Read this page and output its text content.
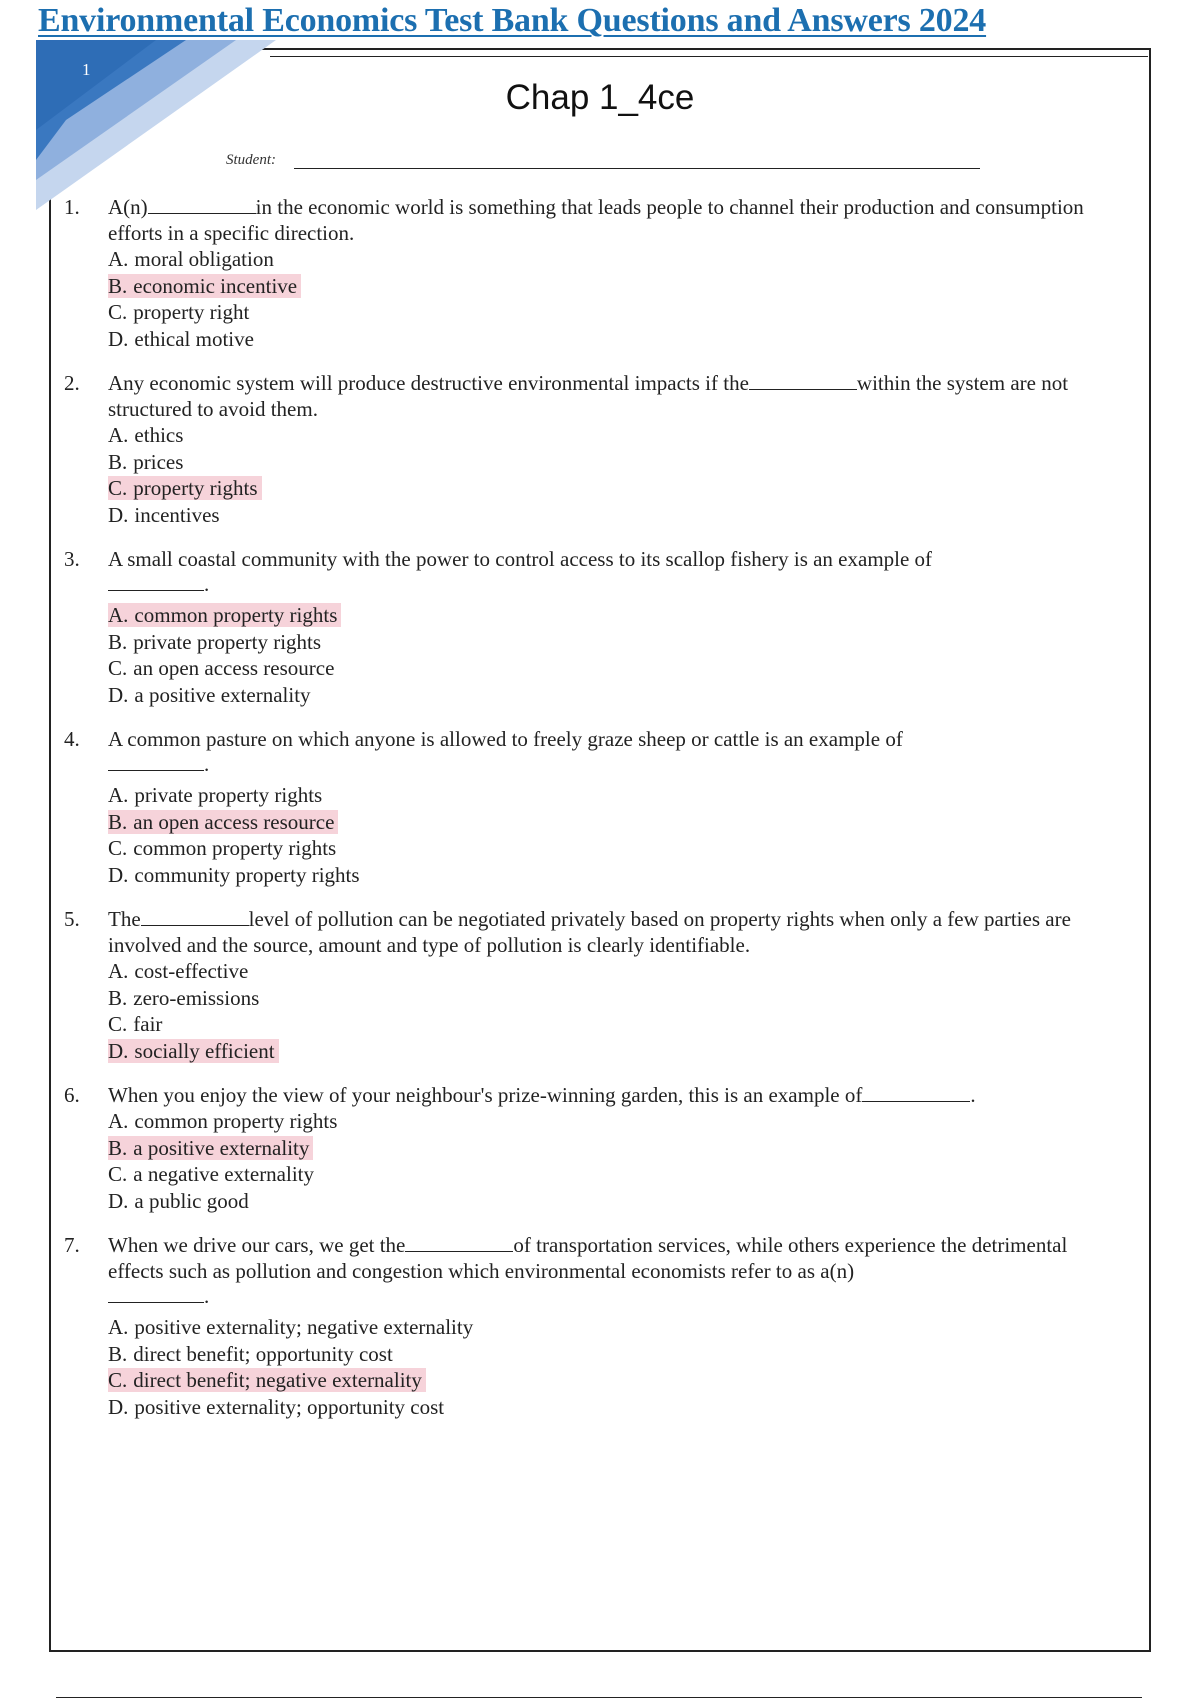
Environmental Economics Test Bank Questions and Answers 2024
1
Chap 1_4ce
Student:
1. A(n)	in the economic world is something that leads people to channel their production and consumption efforts in a specific direction.
A. moral obligation
B. economic incentive
C. property right
D. ethical motive
2. Any economic system will produce destructive environmental impacts if the	within the system are not structured to avoid them.
A. ethics
B. prices
C. property rights
D. incentives
3. A small coastal community with the power to control access to its scallop fishery is an example of
.
A. common property rights
B. private property rights
C. an open access resource
D. a positive externality
4. A common pasture on which anyone is allowed to freely graze sheep or cattle is an example of
.
A. private property rights
B. an open access resource
C. common property rights
D. community property rights
5. The	level of pollution can be negotiated privately based on property rights when only a few parties are involved and the source, amount and type of pollution is clearly identifiable.
A. cost-effective
B. zero-emissions
C. fair
D. socially efficient
6. When you enjoy the view of your neighbour's prize-winning garden, this is an example of	.
A. common property rights
B. a positive externality
C. a negative externality
D. a public good
7. When we drive our cars, we get the	of transportation services, while others experience the detrimental effects such as pollution and congestion which environmental economists refer to as a(n)
.
A. positive externality; negative externality
B. direct benefit; opportunity cost
C. direct benefit; negative externality
D. positive externality; opportunity cost
